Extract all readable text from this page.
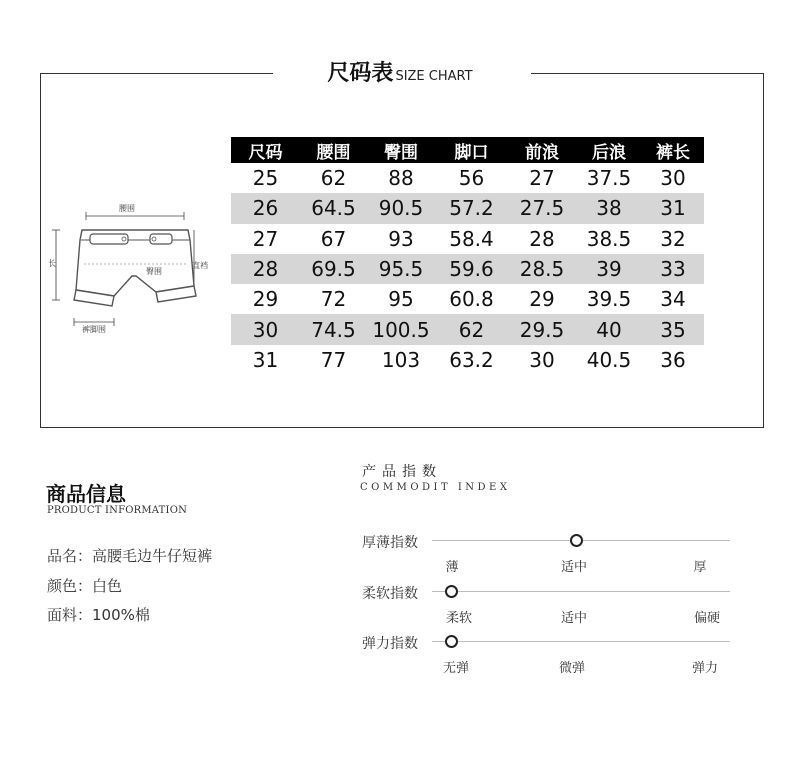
尺码表 SIZE CHART
腰围
长
臀围
直裆
裤脚围
尺码	腰围	臀围	脚口	前浪	后浪	裤长
25	62	88	56	27	37.5	30
26	64.5	90.5	57.2	27.5	38	31
27	67	93	58.4	28	38.5	32
28	69.5	95.5	59.6	28.5	39	33
29	72	95	60.8	29	39.5	34
30	74.5	100.5	62	29.5	40	35
31	77	103	63.2	30	40.5	36
商品信息
PRODUCT INFORMATION
品名：高腰毛边牛仔短裤
颜色：白色
面料：100%棉
产品指数
COMMODIT INDEX
厚薄指数
薄	适中	厚
柔软指数
柔软	适中	偏硬
弹力指数
无弹	微弹	弹力
